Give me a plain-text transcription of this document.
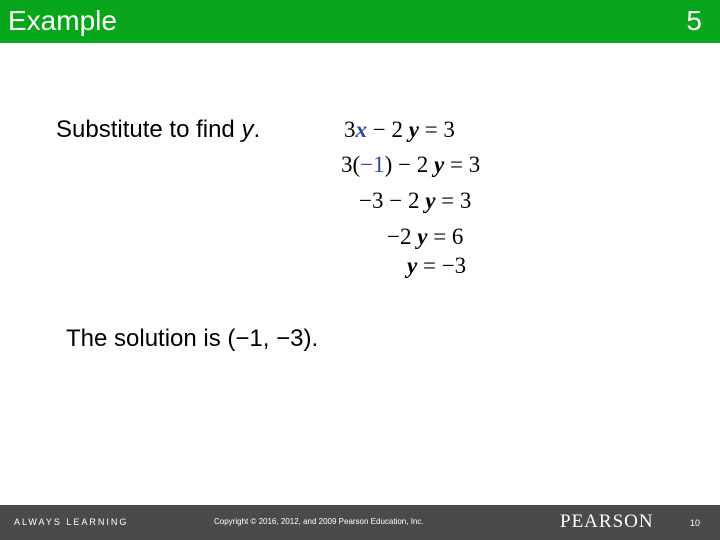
Example	5
Substitute to find y.	3x − 2 y = 3
3(−1) − 2 y = 3
−3 − 2 y = 3
−2 y = 6
y = −3
The solution is (−1, −3).
ALWAYS LEARNING	Copyright © 2016, 2012, and 2009 Pearson Education, Inc.	PEARSON	10
